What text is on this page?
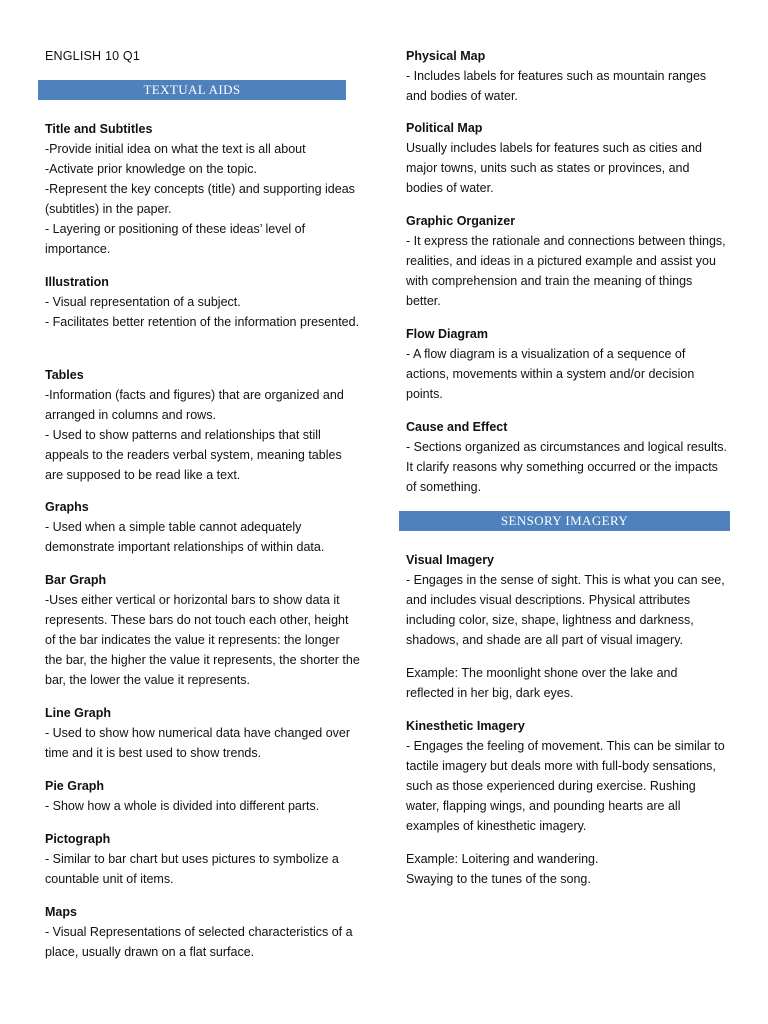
ENGLISH 10 Q1
TEXTUAL AIDS
Title and Subtitles
-Provide initial idea on what the text is all about
-Activate prior knowledge on the topic.
-Represent the key concepts (title) and supporting ideas (subtitles) in the paper.
- Layering or positioning of these ideas’ level of importance.
Illustration
- Visual representation of a subject.
- Facilitates better retention of the information presented.
Tables
-Information (facts and figures) that are organized and arranged in columns and rows.
- Used to show patterns and relationships that still appeals to the readers verbal system, meaning tables are supposed to be read like a text.
Graphs
- Used when a simple table cannot adequately demonstrate important relationships of within data.
Bar Graph
-Uses either vertical or horizontal bars to show data it represents. These bars do not touch each other, height of the bar indicates the value it represents: the longer the bar, the higher the value it represents, the shorter the bar, the lower the value it represents.
Line Graph
- Used to show how numerical data have changed over time and it is best used to show trends.
Pie Graph
- Show how a whole is divided into different parts.
Pictograph
- Similar to bar chart but uses pictures to symbolize a countable unit of items.
Maps
- Visual Representations of selected characteristics of a place, usually drawn on a flat surface.
Physical Map
- Includes labels for features such as mountain ranges and bodies of water.
Political Map
Usually includes labels for features such as cities and major towns, units such as states or provinces, and bodies of water.
Graphic Organizer
- It express the rationale and connections between things, realities, and ideas in a pictured example and assist you with comprehension and train the meaning of things better.
Flow Diagram
- A flow diagram is a visualization of a sequence of actions, movements within a system and/or decision points.
Cause and Effect
- Sections organized as circumstances and logical results. It clarify reasons why something occurred or the impacts of something.
SENSORY IMAGERY
Visual Imagery
- Engages in the sense of sight. This is what you can see, and includes visual descriptions. Physical attributes including color, size, shape, lightness and darkness, shadows, and shade are all part of visual imagery.
Example: The moonlight shone over the lake and reflected in her big, dark eyes.
Kinesthetic Imagery
- Engages the feeling of movement. This can be similar to tactile imagery but deals more with full-body sensations, such as those experienced during exercise. Rushing water, flapping wings, and pounding hearts are all examples of kinesthetic imagery.
Example: Loitering and wandering.
Swaying to the tunes of the song.
